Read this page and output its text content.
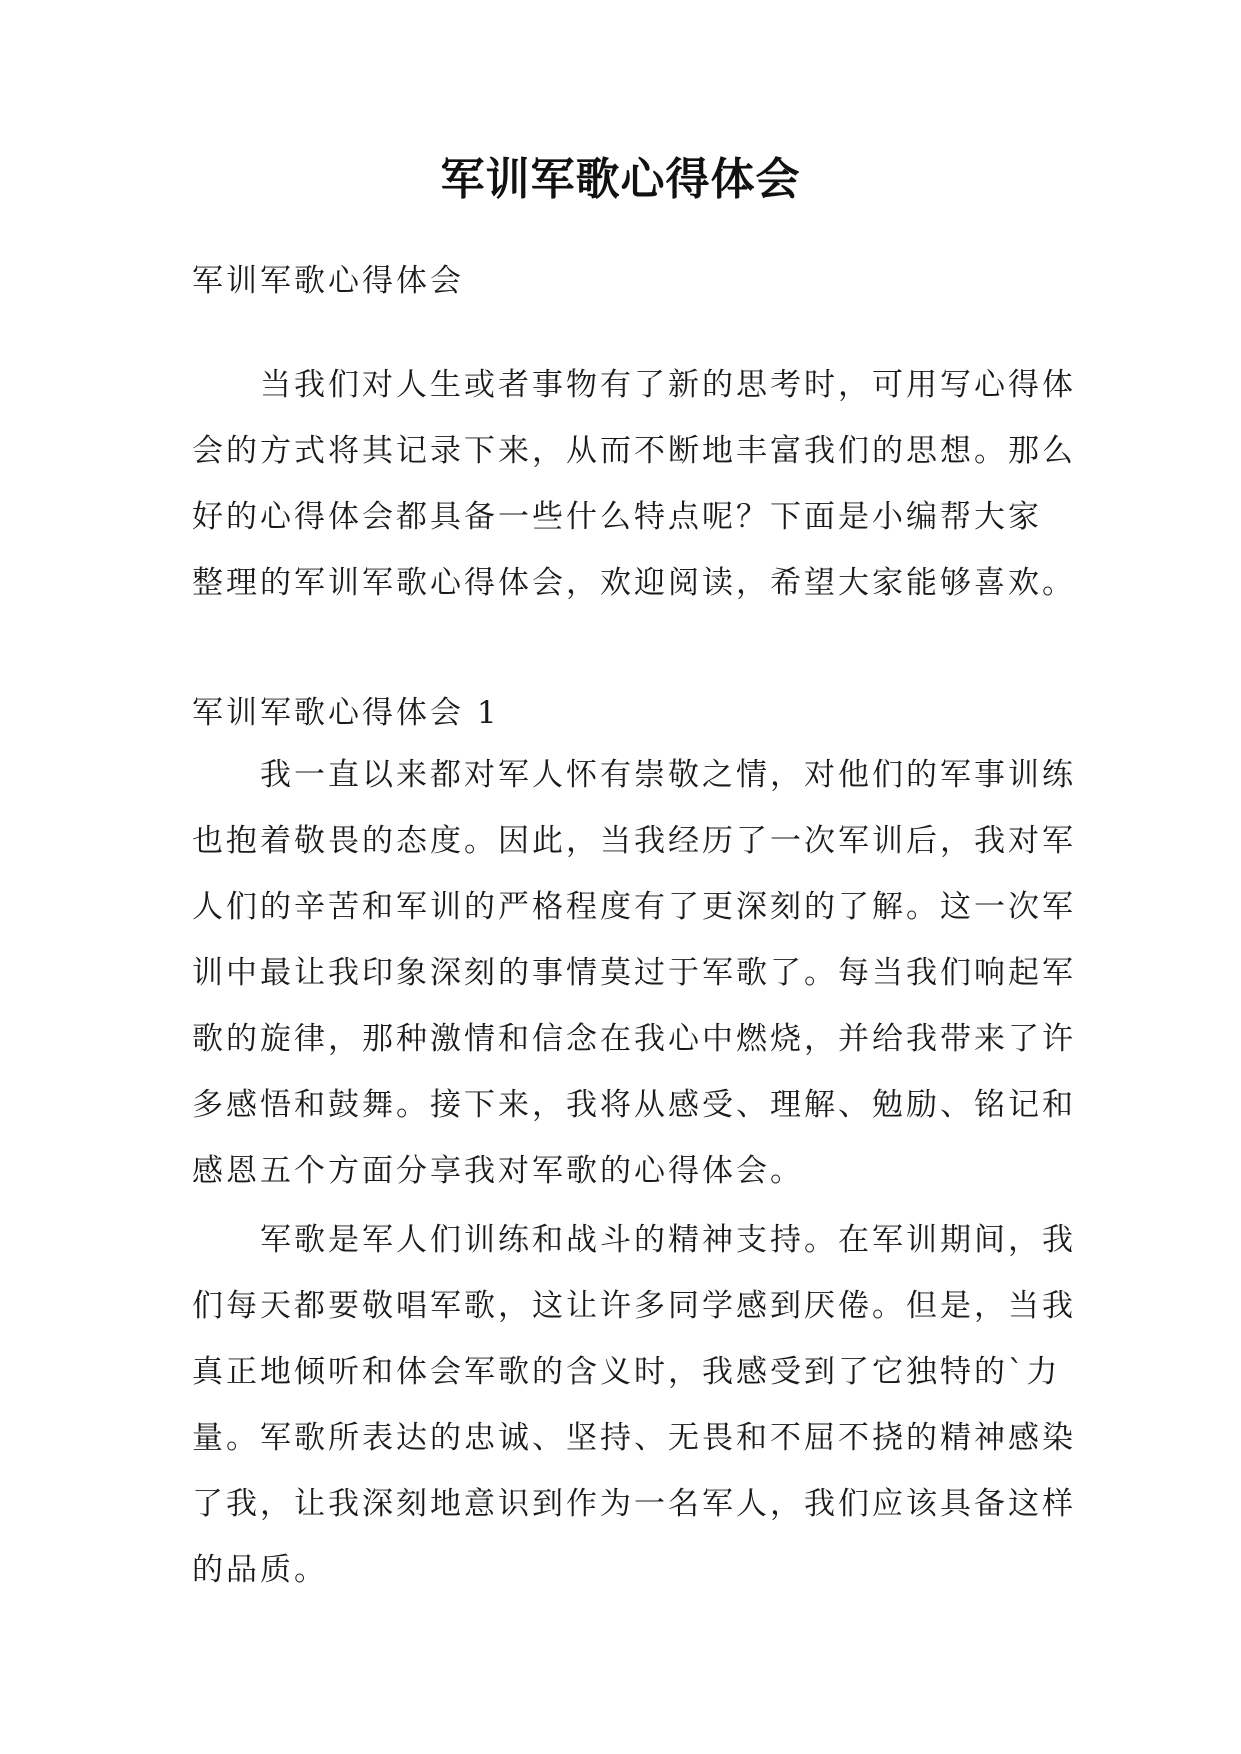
军训军歌心得体会
军训军歌心得体会
当我们对人生或者事物有了新的思考时，可用写心得体
会的方式将其记录下来，从而不断地丰富我们的思想。那么
好的心得体会都具备一些什么特点呢？下面是小编帮大家
整理的军训军歌心得体会，欢迎阅读，希望大家能够喜欢。
军训军歌心得体会 1
我一直以来都对军人怀有崇敬之情，对他们的军事训练
也抱着敬畏的态度。因此，当我经历了一次军训后，我对军
人们的辛苦和军训的严格程度有了更深刻的了解。这一次军
训中最让我印象深刻的事情莫过于军歌了。每当我们响起军
歌的旋律，那种激情和信念在我心中燃烧，并给我带来了许
多感悟和鼓舞。接下来，我将从感受、理解、勉励、铭记和
感恩五个方面分享我对军歌的心得体会。
军歌是军人们训练和战斗的精神支持。在军训期间，我
们每天都要敬唱军歌，这让许多同学感到厌倦。但是，当我
真正地倾听和体会军歌的含义时，我感受到了它独特的`力
量。军歌所表达的忠诚、坚持、无畏和不屈不挠的精神感染
了我，让我深刻地意识到作为一名军人，我们应该具备这样
的品质。
